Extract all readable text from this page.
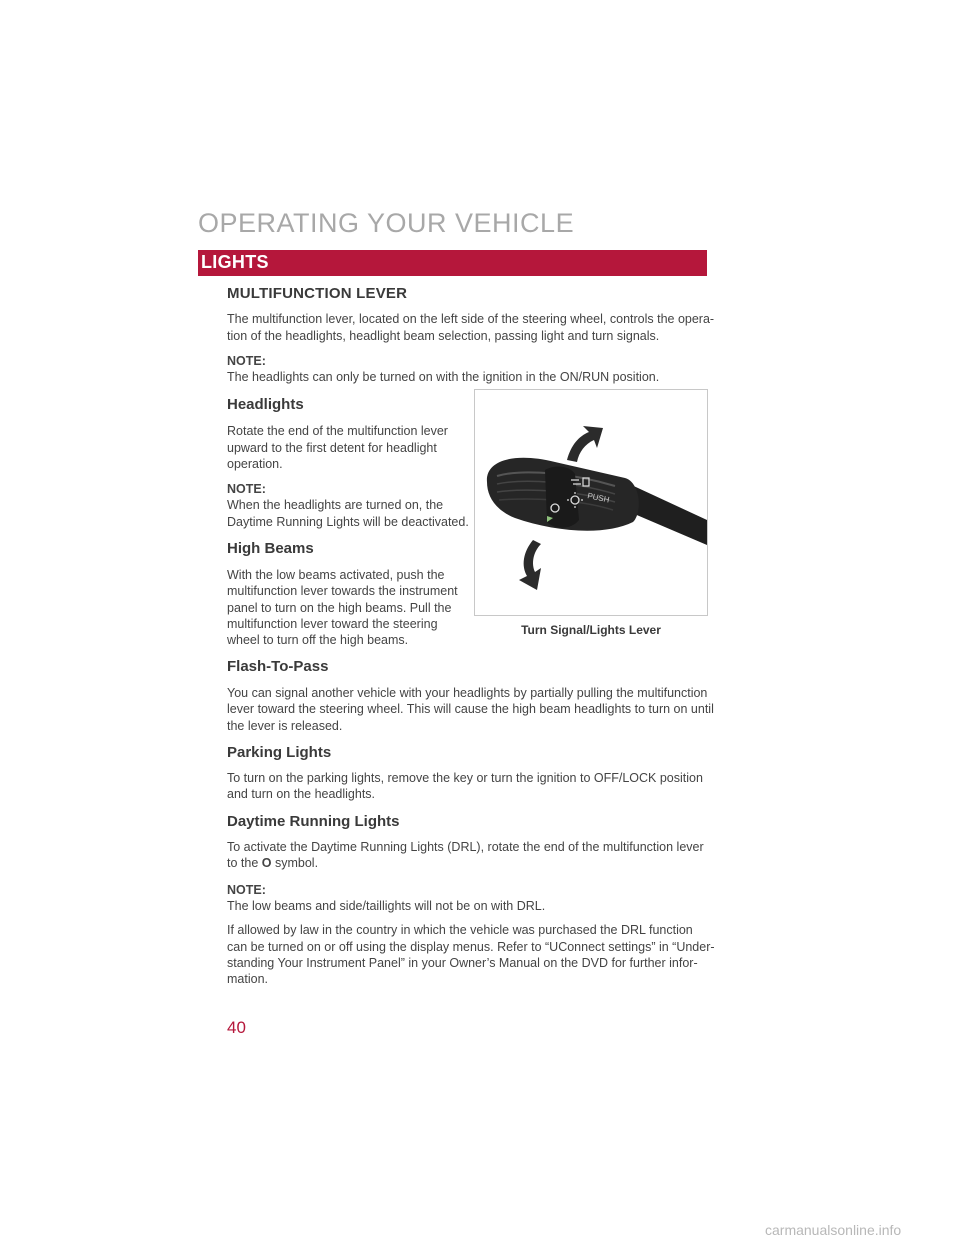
OPERATING YOUR VEHICLE
LIGHTS
MULTIFUNCTION LEVER
The multifunction lever, located on the left side of the steering wheel, controls the opera-
tion of the headlights, headlight beam selection, passing light and turn signals.
NOTE:
The headlights can only be turned on with the ignition in the ON/RUN position.
Headlights
Rotate the end of the multifunction lever
upward to the first detent for headlight
operation.
NOTE:
When the headlights are turned on, the
Daytime Running Lights will be deactivated.
High Beams
With the low beams activated, push the
multifunction lever towards the instrument
panel to turn on the high beams. Pull the
multifunction lever toward the steering
wheel to turn off the high beams.
PUSH
Turn Signal/Lights Lever
Flash-To-Pass
You can signal another vehicle with your headlights by partially pulling the multifunction
lever toward the steering wheel. This will cause the high beam headlights to turn on until
the lever is released.
Parking Lights
To turn on the parking lights, remove the key or turn the ignition to OFF/LOCK position
and turn on the headlights.
Daytime Running Lights
To activate the Daytime Running Lights (DRL), rotate the end of the multifunction lever
to the O symbol.
NOTE:
The low beams and side/taillights will not be on with DRL.
If allowed by law in the country in which the vehicle was purchased the DRL function
can be turned on or off using the display menus. Refer to “UConnect settings” in “Under-
standing Your Instrument Panel” in your Owner’s Manual on the DVD for further infor-
mation.
40
carmanualsonline.info
